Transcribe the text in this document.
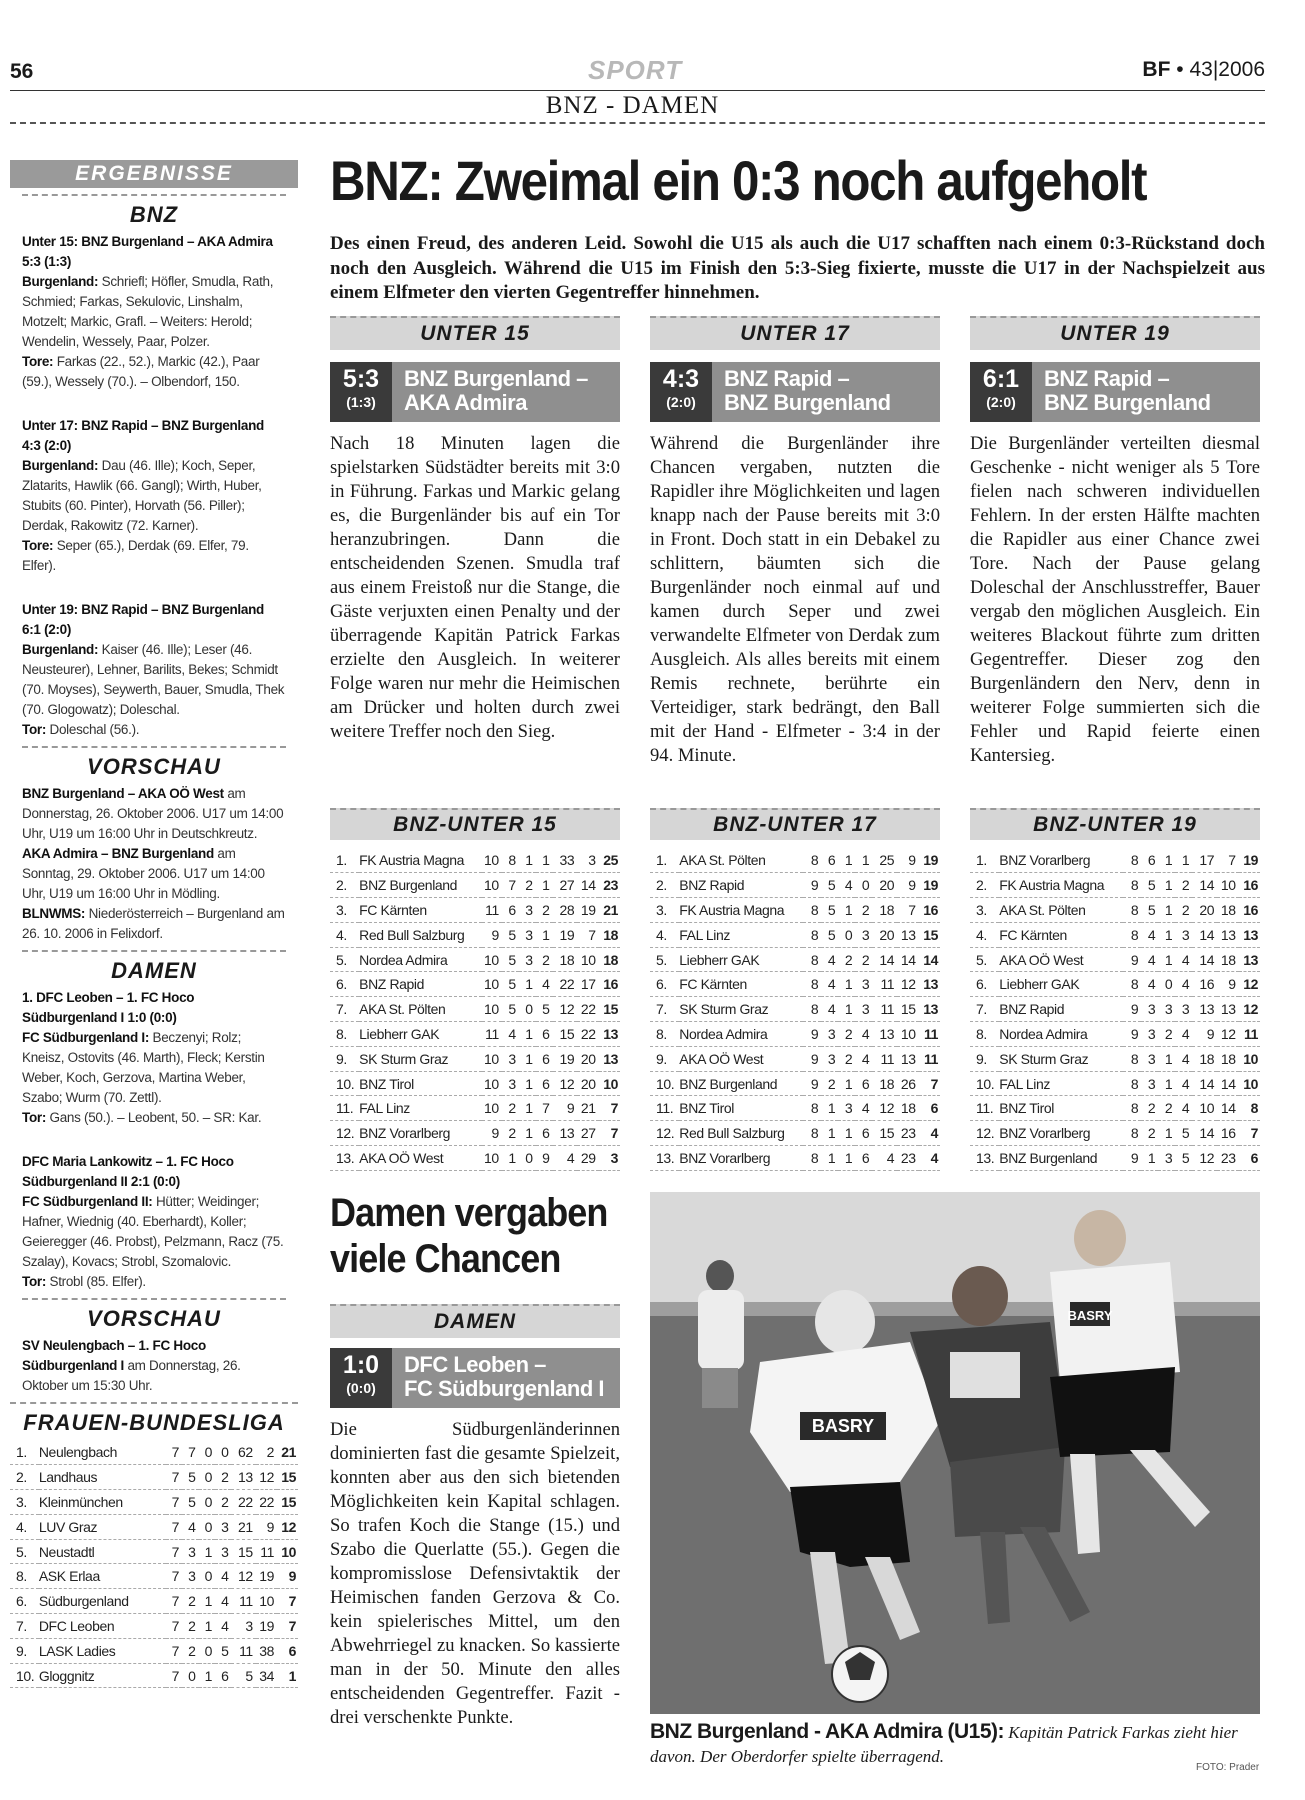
56	SPORT	BF • 43|2006
BNZ - DAMEN
ERGEBNISSE
BNZ
Unter 15: BNZ Burgenland – AKA Admira 5:3 (1:3)
Burgenland: Schriefl; Höfler, Smudla, Rath, Schmied; Farkas, Sekulovic, Linshalm, Motzelt; Markic, Grafl. – Weiters: Herold; Wendelin, Wessely, Paar, Polzer.
Tore: Farkas (22., 52.), Markic (42.), Paar (59.), Wessely (70.). – Olbendorf, 150.
Unter 17: BNZ Rapid – BNZ Burgenland 4:3 (2:0)
Burgenland: Dau (46. Ille); Koch, Seper, Zlatarits, Hawlik (66. Gangl); Wirth, Huber, Stubits (60. Pinter), Horvath (56. Piller); Derdak, Rakowitz (72. Karner).
Tore: Seper (65.), Derdak (69. Elfer, 79. Elfer).
Unter 19: BNZ Rapid – BNZ Burgenland 6:1 (2:0)
Burgenland: Kaiser (46. Ille); Leser (46. Neusteurer), Lehner, Barilits, Bekes; Schmidt (70. Moyses), Seywerth, Bauer, Smudla, Thek (70. Glogowatz); Doleschal.
Tor: Doleschal (56.).
VORSCHAU
BNZ Burgenland – AKA OÖ West am Donnerstag, 26. Oktober 2006. U17 um 14:00 Uhr, U19 um 16:00 Uhr in Deutschkreutz.
AKA Admira – BNZ Burgenland am Sonntag, 29. Oktober 2006. U17 um 14:00 Uhr, U19 um 16:00 Uhr in Mödling.
BLNWMS: Niederösterreich – Burgenland am 26. 10. 2006 in Felixdorf.
DAMEN
1. DFC Leoben – 1. FC Hoco Südburgenland I 1:0 (0:0)
FC Südburgenland I: Beczenyi; Rolz; Kneisz, Ostovits (46. Marth), Fleck; Kerstin Weber, Koch, Gerzova, Martina Weber, Szabo; Wurm (70. Zettl).
Tor: Gans (50.). – Leobent, 50. – SR: Kar.
DFC Maria Lankowitz – 1. FC Hoco Südburgenland II 2:1 (0:0)
FC Südburgenland II: Hütter; Weidinger; Hafner, Wiednig (40. Eberhardt), Koller; Geieregger (46. Probst), Pelzmann, Racz (75. Szalay), Kovacs; Strobl, Szomalovic.
Tor: Strobl (85. Elfer).
VORSCHAU
SV Neulengbach – 1. FC Hoco Südburgenland I am Donnerstag, 26. Oktober um 15:30 Uhr.
FRAUEN-BUNDESLIGA
1.	Neulengbach	7	7	0	0	62	2	21
2.	Landhaus	7	5	0	2	13	12	15
3.	Kleinmünchen	7	5	0	2	22	22	15
4.	LUV Graz	7	4	0	3	21	9	12
5.	Neustadtl	7	3	1	3	15	11	10
8.	ASK Erlaa	7	3	0	4	12	19	9
6.	Südburgenland	7	2	1	4	11	10	7
7.	DFC Leoben	7	2	1	4	3	19	7
9.	LASK Ladies	7	2	0	5	11	38	6
10.	Gloggnitz	7	0	1	6	5	34	1
BNZ: Zweimal ein 0:3 noch aufgeholt
Des einen Freud, des anderen Leid. Sowohl die U15 als auch die U17 schafften nach einem 0:3-Rückstand doch noch den Ausgleich. Während die U15 im Finish den 5:3-Sieg fixierte, musste die U17 in der Nachspielzeit aus einem Elfmeter den vierten Gegentreffer hinnehmen.
UNTER 15
5:3
(1:3)
BNZ Burgenland –
AKA Admira
Nach 18 Minuten lagen die spielstarken Südstädter bereits mit 3:0 in Führung. Farkas und Markic gelang es, die Burgenländer bis auf ein Tor heranzubringen. Dann die entscheidenden Szenen. Smudla traf aus einem Freistoß nur die Stange, die Gäste verjuxten einen Penalty und der überragende Kapitän Patrick Farkas erzielte den Ausgleich. In weiterer Folge waren nur mehr die Heimischen am Drücker und holten durch zwei weitere Treffer noch den Sieg.
UNTER 17
4:3
(2:0)
BNZ Rapid –
BNZ Burgenland
Während die Burgenländer ihre Chancen vergaben, nutzten die Rapidler ihre Möglichkeiten und lagen knapp nach der Pause bereits mit 3:0 in Front. Doch statt in ein Debakel zu schlittern, bäumten sich die Burgenländer noch einmal auf und kamen durch Seper und zwei verwandelte Elfmeter von Derdak zum Ausgleich. Als alles bereits mit einem Remis rechnete, berührte ein Verteidiger, stark bedrängt, den Ball mit der Hand - Elfmeter - 3:4 in der 94. Minute.
UNTER 19
6:1
(2:0)
BNZ Rapid –
BNZ Burgenland
Die Burgenländer verteilten diesmal Geschenke - nicht weniger als 5 Tore fielen nach schweren individuellen Fehlern. In der ersten Hälfte machten die Rapidler aus einer Chance zwei Tore. Nach der Pause gelang Doleschal der Anschlusstreffer, Bauer vergab den möglichen Ausgleich. Ein weiteres Blackout führte zum dritten Gegentreffer. Dieser zog den Burgenländern den Nerv, denn in weiterer Folge summierten sich die Fehler und Rapid feierte einen Kantersieg.
BNZ-UNTER 15
1.	FK Austria Magna	10	8	1	1	33	3	25
2.	BNZ Burgenland	10	7	2	1	27	14	23
3.	FC Kärnten	11	6	3	2	28	19	21
4.	Red Bull Salzburg	9	5	3	1	19	7	18
5.	Nordea Admira	10	5	3	2	18	10	18
6.	BNZ Rapid	10	5	1	4	22	17	16
7.	AKA St. Pölten	10	5	0	5	12	22	15
8.	Liebherr GAK	11	4	1	6	15	22	13
9.	SK Sturm Graz	10	3	1	6	19	20	13
10.	BNZ Tirol	10	3	1	6	12	20	10
11.	FAL Linz	10	2	1	7	9	21	7
12.	BNZ Vorarlberg	9	2	1	6	13	27	7
13.	AKA OÖ West	10	1	0	9	4	29	3
BNZ-UNTER 17
1.	AKA St. Pölten	8	6	1	1	25	9	19
2.	BNZ Rapid	9	5	4	0	20	9	19
3.	FK Austria Magna	8	5	1	2	18	7	16
4.	FAL Linz	8	5	0	3	20	13	15
5.	Liebherr GAK	8	4	2	2	14	14	14
6.	FC Kärnten	8	4	1	3	11	12	13
7.	SK Sturm Graz	8	4	1	3	11	15	13
8.	Nordea Admira	9	3	2	4	13	10	11
9.	AKA OÖ West	9	3	2	4	11	13	11
10.	BNZ Burgenland	9	2	1	6	18	26	7
11.	BNZ Tirol	8	1	3	4	12	18	6
12.	Red Bull Salzburg	8	1	1	6	15	23	4
13.	BNZ Vorarlberg	8	1	1	6	4	23	4
BNZ-UNTER 19
1.	BNZ Vorarlberg	8	6	1	1	17	7	19
2.	FK Austria Magna	8	5	1	2	14	10	16
3.	AKA St. Pölten	8	5	1	2	20	18	16
4.	FC Kärnten	8	4	1	3	14	13	13
5.	AKA OÖ West	9	4	1	4	14	18	13
6.	Liebherr GAK	8	4	0	4	16	9	12
7.	BNZ Rapid	9	3	3	3	13	13	12
8.	Nordea Admira	9	3	2	4	9	12	11
9.	SK Sturm Graz	8	3	1	4	18	18	10
10.	FAL Linz	8	3	1	4	14	14	10
11.	BNZ Tirol	8	2	2	4	10	14	8
12.	BNZ Vorarlberg	8	2	1	5	14	16	7
13.	BNZ Burgenland	9	1	3	5	12	23	6
Damen vergaben
viele Chancen
DAMEN
1:0
(0:0)
DFC Leoben –
FC Südburgenland I
Die Südburgenländerinnen dominierten fast die gesamte Spielzeit, konnten aber aus den sich bietenden Möglichkeiten kein Kapital schlagen. So trafen Koch die Stange (15.) und Szabo die Querlatte (55.). Gegen die kompromisslose Defensivtaktik der Heimischen fanden Gerzova & Co. kein spielerisches Mittel, um den Abwehrriegel zu knacken. So kassierte man in der 50. Minute den alles entscheidenden Gegentreffer. Fazit - drei verschenkte Punkte.
BASRY
BASRY
BNZ Burgenland - AKA Admira (U15): Kapitän Patrick Farkas zieht hier davon. Der Oberdorfer spielte überragend.
FOTO: Prader
